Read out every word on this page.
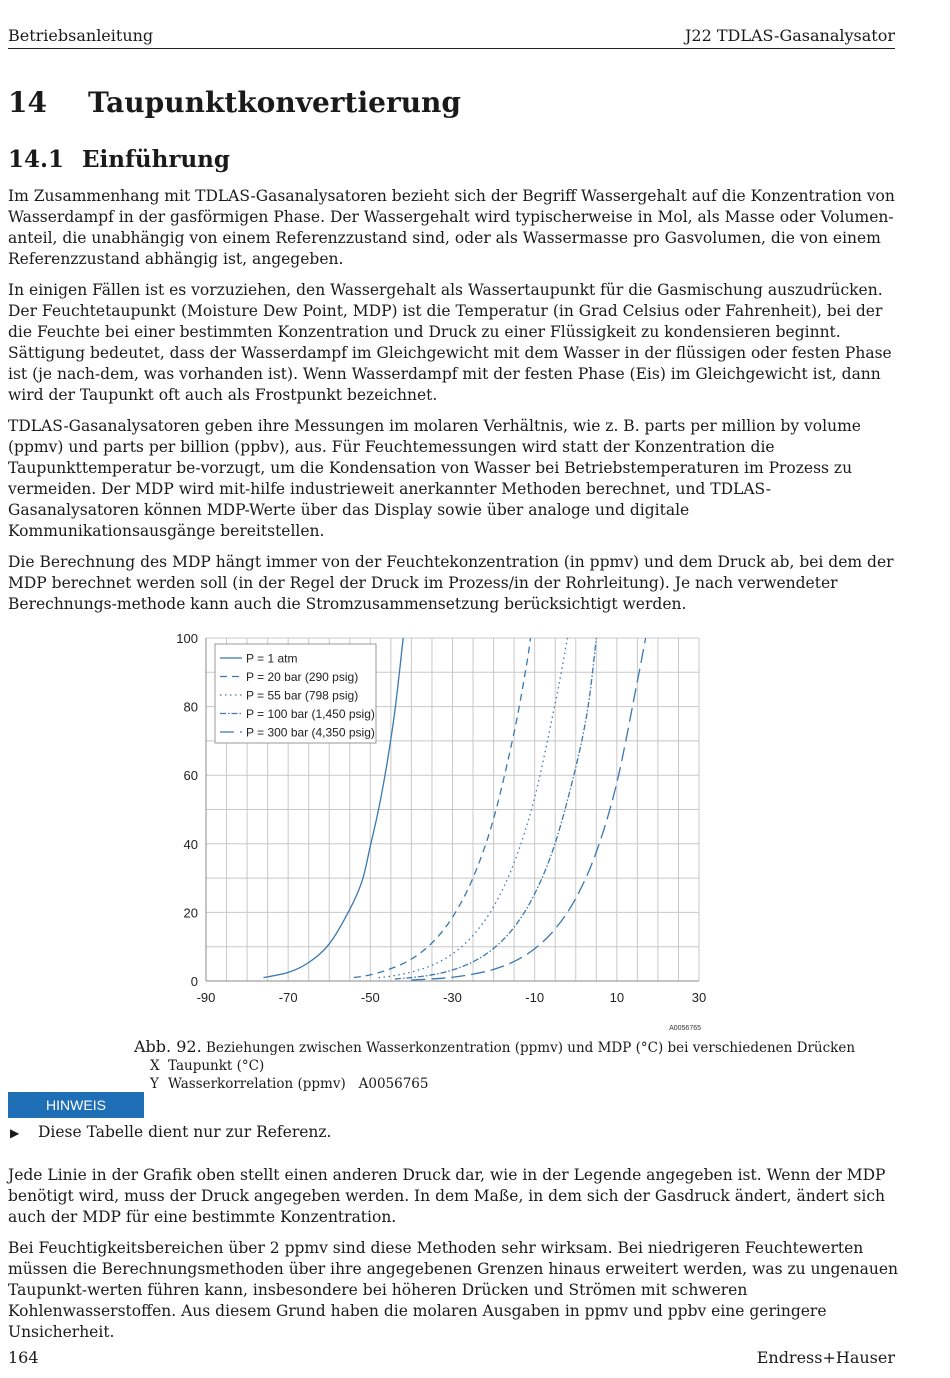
Betriebsanleitung	J22 TDLAS-Gasanalysator
14 Taupunktkonvertierung
14.1 Einführung

Im Zusammenhang mit TDLAS-Gasanalysatoren bezieht sich der Begriff Wassergehalt auf die Konzentration von Wasserdampf in der gasförmigen Phase. Der Wassergehalt wird typischerweise in Mol, als Masse oder Volumen-anteil, die unabhängig von einem Referenzzustand sind, oder als Wassermasse pro Gasvolumen, die von einem Referenzzustand abhängig ist, angegeben.

In einigen Fällen ist es vorzuziehen, den Wassergehalt als Wassertaupunkt für die Gasmischung auszudrücken. Der Feuchtetaupunkt (Moisture Dew Point, MDP) ist die Temperatur (in Grad Celsius oder Fahrenheit), bei der die Feuchte bei einer bestimmten Konzentration und Druck zu einer Flüssigkeit zu kondensieren beginnt. Sättigung bedeutet, dass der Wasserdampf im Gleichgewicht mit dem Wasser in der flüssigen oder festen Phase ist (je nach-dem, was vorhanden ist). Wenn Wasserdampf mit der festen Phase (Eis) im Gleichgewicht ist, dann wird der Taupunkt oft auch als Frostpunkt bezeichnet.

TDLAS-Gasanalysatoren geben ihre Messungen im molaren Verhältnis, wie z. B. parts per million by volume (ppmv) und parts per billion (ppbv), aus. Für Feuchtemessungen wird statt der Konzentration die Taupunkttemperatur be-vorzugt, um die Kondensation von Wasser bei Betriebstemperaturen im Prozess zu vermeiden. Der MDP wird mit-hilfe industrieweit anerkannter Methoden berechnet, und TDLAS-Gasanalysatoren können MDP-Werte über das Display sowie über analoge und digitale Kommunikationsausgänge bereitstellen.

Die Berechnung des MDP hängt immer von der Feuchtekonzentration (in ppmv) und dem Druck ab, bei dem der MDP berechnet werden soll (in der Regel der Druck im Prozess/in der Rohrleitung). Je nach verwendeter Berechnungs-methode kann auch die Stromzusammensetzung berücksichtigt werden.

-90	-70	-50	-30	-10	10	30
0
20
40
60
80
100
A0056765
P = 1 atm
P = 20 bar (290 psig)
P = 55 bar (798 psig)
P = 100 bar (1,450 psig)
P = 300 bar (4,350 psig)
Abb. 92. Beziehungen zwischen Wasserkonzentration (ppmv) und MDP (°C) bei verschiedenen Drücken
X Taupunkt (°C)
Y Wasserkorrelation (ppmv) A0056765
HINWEIS
▶ Diese Tabelle dient nur zur Referenz.

Jede Linie in der Grafik oben stellt einen anderen Druck dar, wie in der Legende angegeben ist. Wenn der MDP benötigt wird, muss der Druck angegeben werden. In dem Maße, in dem sich der Gasdruck ändert, ändert sich auch der MDP für eine bestimmte Konzentration.

Bei Feuchtigkeitsbereichen über 2 ppmv sind diese Methoden sehr wirksam. Bei niedrigeren Feuchtewerten müssen die Berechnungsmethoden über ihre angegebenen Grenzen hinaus erweitert werden, was zu ungenauen Taupunkt-werten führen kann, insbesondere bei höheren Drücken und Strömen mit schweren Kohlenwasserstoffen. Aus diesem Grund haben die molaren Ausgaben in ppmv und ppbv eine geringere Unsicherheit.

164	Endress+Hauser
